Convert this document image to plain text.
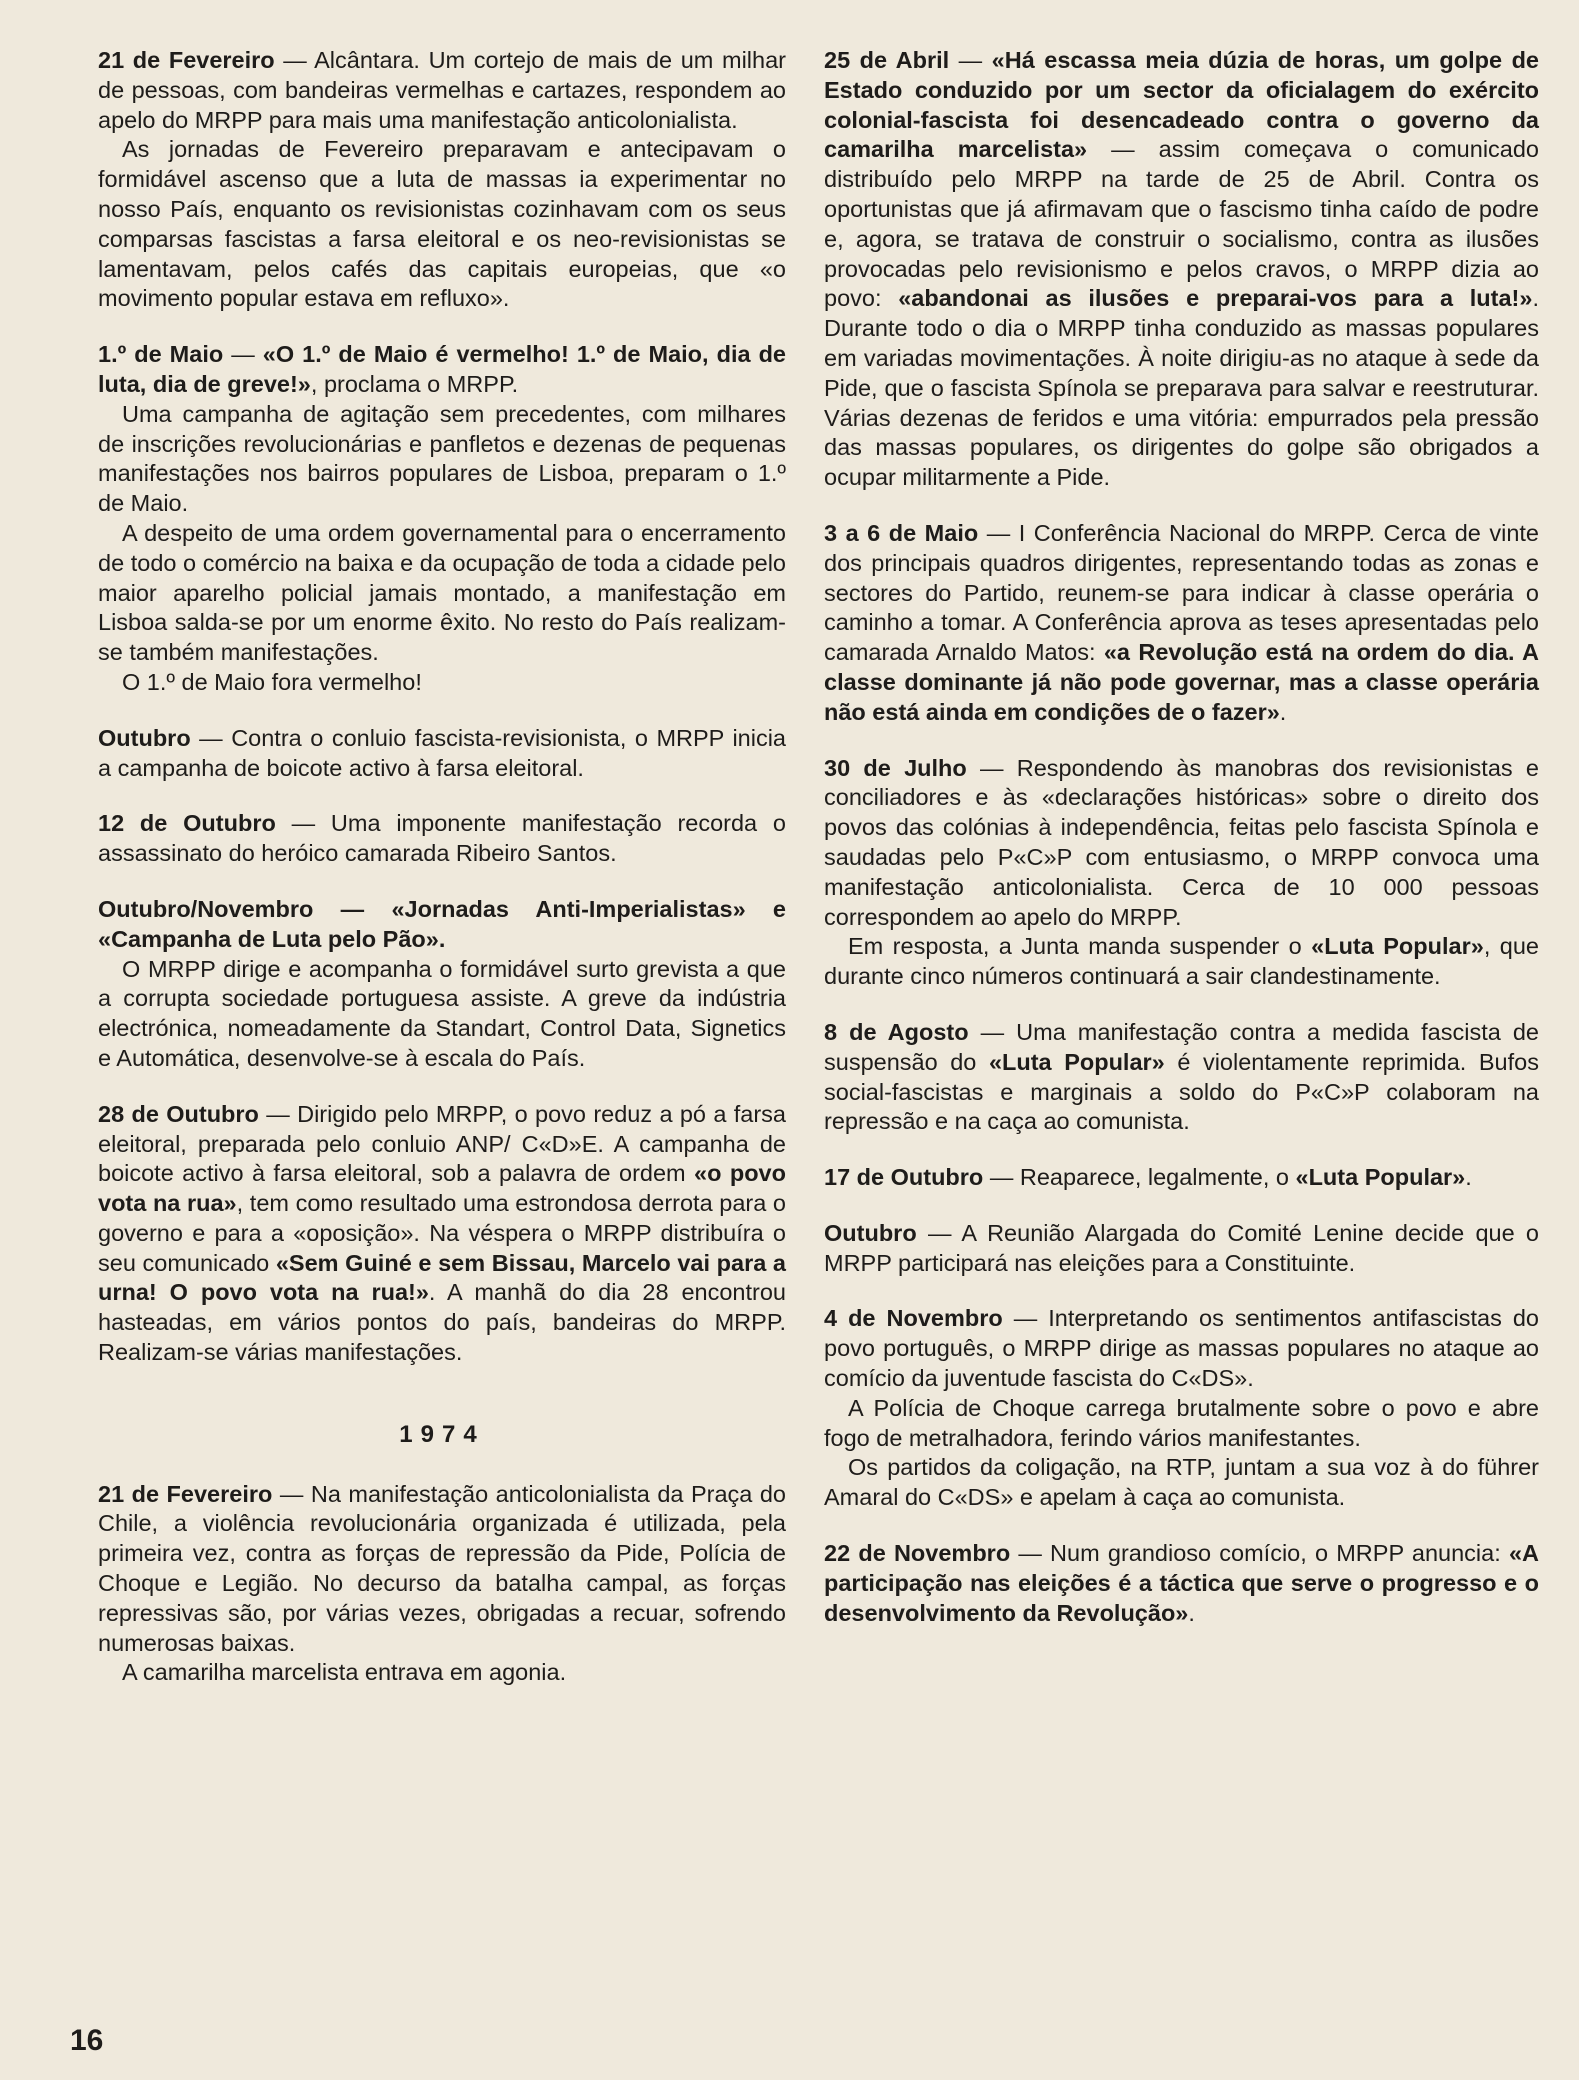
21 de Fevereiro — Alcântara. Um cortejo de mais de um milhar de pessoas, com bandeiras vermelhas e cartazes, respondem ao apelo do MRPP para mais uma manifestação anticolonialista.

As jornadas de Fevereiro preparavam e antecipavam o formidável ascenso que a luta de massas ia experimentar no nosso País, enquanto os revisionistas cozinhavam com os seus comparsas fascistas a farsa eleitoral e os neo-revisionistas se lamentavam, pelos cafés das capitais europeias, que «o movimento popular estava em refluxo».

1.º de Maio — «O 1.º de Maio é vermelho! 1.º de Maio, dia de luta, dia de greve!», proclama o MRPP.

Uma campanha de agitação sem precedentes, com milhares de inscrições revolucionárias e panfletos e dezenas de pequenas manifestações nos bairros populares de Lisboa, preparam o 1.º de Maio.

A despeito de uma ordem governamental para o encerramento de todo o comércio na baixa e da ocupação de toda a cidade pelo maior aparelho policial jamais montado, a manifestação em Lisboa salda-se por um enorme êxito. No resto do País realizam-se também manifestações.

O 1.º de Maio fora vermelho!

Outubro — Contra o conluio fascista-revisionista, o MRPP inicia a campanha de boicote activo à farsa eleitoral.

12 de Outubro — Uma imponente manifestação recorda o assassinato do heróico camarada Ribeiro Santos.

Outubro/Novembro — «Jornadas Anti-Imperialistas» e «Campanha de Luta pelo Pão».

O MRPP dirige e acompanha o formidável surto grevista a que a corrupta sociedade portuguesa assiste. A greve da indústria electrónica, nomeadamente da Standart, Control Data, Signetics e Automática, desenvolve-se à escala do País.

28 de Outubro — Dirigido pelo MRPP, o povo reduz a pó a farsa eleitoral, preparada pelo conluio ANP/ C«D»E. A campanha de boicote activo à farsa eleitoral, sob a palavra de ordem «o povo vota na rua», tem como resultado uma estrondosa derrota para o governo e para a «oposição». Na véspera o MRPP distribuíra o seu comunicado «Sem Guiné e sem Bissau, Marcelo vai para a urna! O povo vota na rua!». A manhã do dia 28 encontrou hasteadas, em vários pontos do país, bandeiras do MRPP. Realizam-se várias manifestações.

1974

21 de Fevereiro — Na manifestação anticolonialista da Praça do Chile, a violência revolucionária organizada é utilizada, pela primeira vez, contra as forças de repressão da Pide, Polícia de Choque e Legião. No decurso da batalha campal, as forças repressivas são, por várias vezes, obrigadas a recuar, sofrendo numerosas baixas.

A camarilha marcelista entrava em agonia.

25 de Abril — «Há escassa meia dúzia de horas, um golpe de Estado conduzido por um sector da oficialagem do exército colonial-fascista foi desencadeado contra o governo da camarilha marcelista» — assim começava o comunicado distribuído pelo MRPP na tarde de 25 de Abril. Contra os oportunistas que já afirmavam que o fascismo tinha caído de podre e, agora, se tratava de construir o socialismo, contra as ilusões provocadas pelo revisionismo e pelos cravos, o MRPP dizia ao povo: «abandonai as ilusões e preparai-vos para a luta!». Durante todo o dia o MRPP tinha conduzido as massas populares em variadas movimentações. À noite dirigiu-as no ataque à sede da Pide, que o fascista Spínola se preparava para salvar e reestruturar. Várias dezenas de feridos e uma vitória: empurrados pela pressão das massas populares, os dirigentes do golpe são obrigados a ocupar militarmente a Pide.

3 a 6 de Maio — I Conferência Nacional do MRPP. Cerca de vinte dos principais quadros dirigentes, representando todas as zonas e sectores do Partido, reunem-se para indicar à classe operária o caminho a tomar. A Conferência aprova as teses apresentadas pelo camarada Arnaldo Matos: «a Revolução está na ordem do dia. A classe dominante já não pode governar, mas a classe operária não está ainda em condições de o fazer».

30 de Julho — Respondendo às manobras dos revisionistas e conciliadores e às «declarações históricas» sobre o direito dos povos das colónias à independência, feitas pelo fascista Spínola e saudadas pelo P«C»P com entusiasmo, o MRPP convoca uma manifestação anticolonialista. Cerca de 10 000 pessoas correspondem ao apelo do MRPP.

Em resposta, a Junta manda suspender o «Luta Popular», que durante cinco números continuará a sair clandestinamente.

8 de Agosto — Uma manifestação contra a medida fascista de suspensão do «Luta Popular» é violentamente reprimida. Bufos social-fascistas e marginais a soldo do P«C»P colaboram na repressão e na caça ao comunista.

17 de Outubro — Reaparece, legalmente, o «Luta Popular».

Outubro — A Reunião Alargada do Comité Lenine decide que o MRPP participará nas eleições para a Constituinte.

4 de Novembro — Interpretando os sentimentos antifascistas do povo português, o MRPP dirige as massas populares no ataque ao comício da juventude fascista do C«DS».

A Polícia de Choque carrega brutalmente sobre o povo e abre fogo de metralhadora, ferindo vários manifestantes.

Os partidos da coligação, na RTP, juntam a sua voz à do führer Amaral do C«DS» e apelam à caça ao comunista.

22 de Novembro — Num grandioso comício, o MRPP anuncia: «A participação nas eleições é a táctica que serve o progresso e o desenvolvimento da Revolução».

16
